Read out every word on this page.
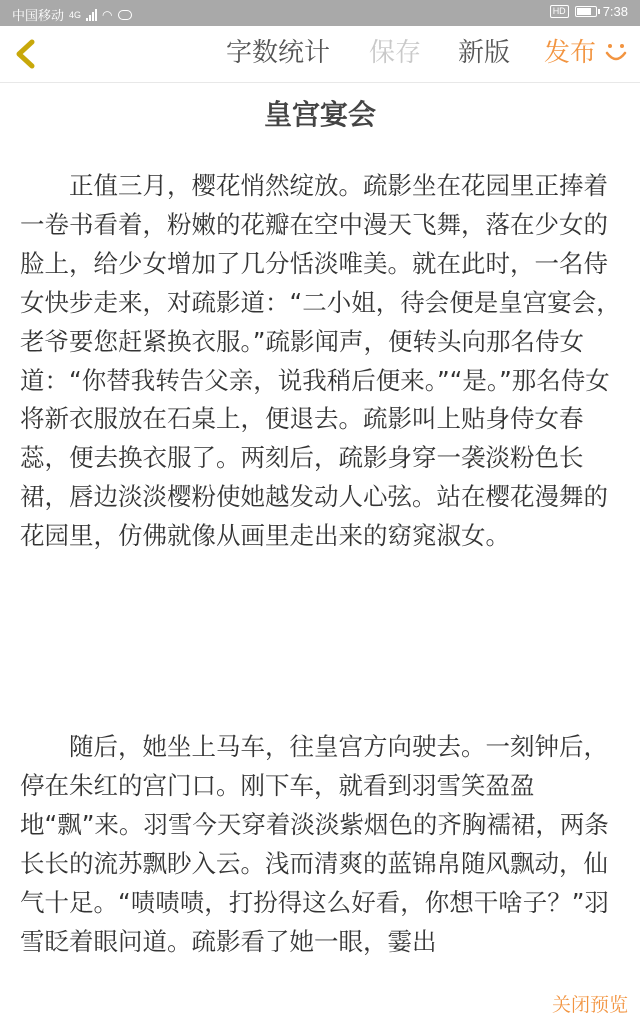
中国移动 4G ◠	HD	7:38
字数统计 保存 新版 发布
皇宫宴会

正值三月，樱花悄然绽放。疏影坐在花园里正捧着一卷书看着，粉嫩的花瓣在空中漫天飞舞，落在少女的脸上，给少女增加了几分恬淡唯美。就在此时，一名侍女快步走来，对疏影道：“二小姐，待会便是皇宫宴会，老爷要您赶紧换衣服。”疏影闻声，便转头向那名侍女道：“你替我转告父亲，说我稍后便来。”“是。”那名侍女将新衣服放在石桌上，便退去。疏影叫上贴身侍女春蕊，便去换衣服了。两刻后，疏影身穿一袭淡粉色长裙，唇边淡淡樱粉使她越发动人心弦。站在樱花漫舞的花园里，仿佛就像从画里走出来的窈窕淑女。

随后，她坐上马车，往皇宫方向驶去。一刻钟后，停在朱红的宫门口。刚下车，就看到羽雪笑盈盈地“飘”来。羽雪今天穿着淡淡紫烟色的齐胸襦裙，两条长长的流苏飘眇入云。浅而清爽的蓝锦帛随风飘动，仙气十足。“啧啧啧，打扮得这么好看，你想干啥子？”羽雪眨着眼问道。疏影看了她一眼，霎出

关闭预览
